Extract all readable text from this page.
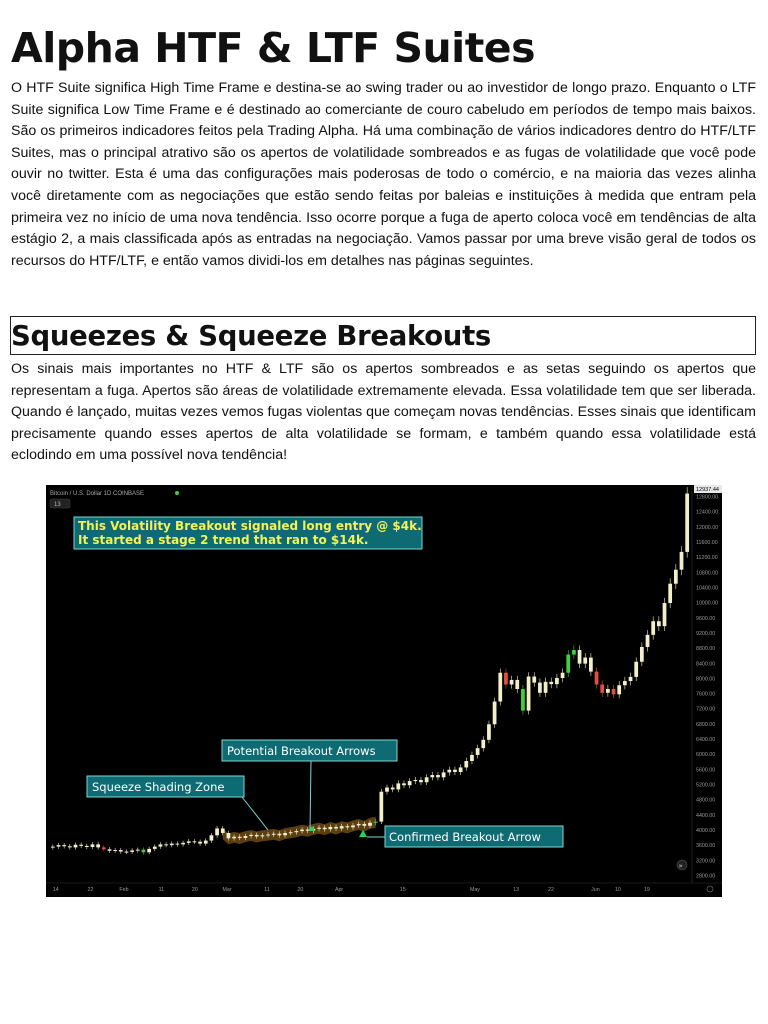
Alpha HTF & LTF Suites

O HTF Suite significa High Time Frame e destina-se ao swing trader ou ao investidor de longo prazo. Enquanto o LTF Suite significa Low Time Frame e é destinado ao comerciante de couro cabeludo em períodos de tempo mais baixos. São os primeiros indicadores feitos pela Trading Alpha. Há uma combinação de vários indicadores dentro do HTF/LTF Suites, mas o principal atrativo são os apertos de volatilidade sombreados e as fugas de volatilidade que você pode ouvir no twitter. Esta é uma das configurações mais poderosas de todo o comércio, e na maioria das vezes alinha você diretamente com as negociações que estão sendo feitas por baleias e instituições à medida que entram pela primeira vez no início de uma nova tendência. Isso ocorre porque a fuga de aperto coloca você em tendências de alta estágio 2, a mais classificada após as entradas na negociação. Vamos passar por uma breve visão geral de todos os recursos do HTF/LTF, e então vamos dividi-los em detalhes nas páginas seguintes.

Squeezes & Squeeze Breakouts

Os sinais mais importantes no HTF & LTF são os apertos sombreados e as setas seguindo os apertos que representam a fuga. Apertos são áreas de volatilidade extremamente elevada. Essa volatilidade tem que ser liberada. Quando é lançado, muitas vezes vemos fugas violentas que começam novas tendências. Esses sinais que identificam precisamente quando esses apertos de alta volatilidade se formam, e também quando essa volatilidade está eclodindo em uma possível nova tendência!

2800.00
3200.00
3600.00
4000.00
4400.00
4800.00
5200.00
5600.00
6000.00
6400.00
6800.00
7200.00
7600.00
8000.00
8400.00
8800.00
9200.00
9600.00
10000.00
10400.00
10800.00
11200.00
11600.00
12000.00
12400.00
12800.00
14	22	Feb	11	20	Mar	11	20	Apr	15	May	13	22	Jun	10	19
Bitcoin / U.S. Dollar 1D COINBASE
13
This Volatility Breakout signaled long entry @ $4k.
It started a stage 2 trend that ran to $14k.
Potential Breakout Arrows
Squeeze Shading Zone
Confirmed Breakout Arrow
»
12937.44
